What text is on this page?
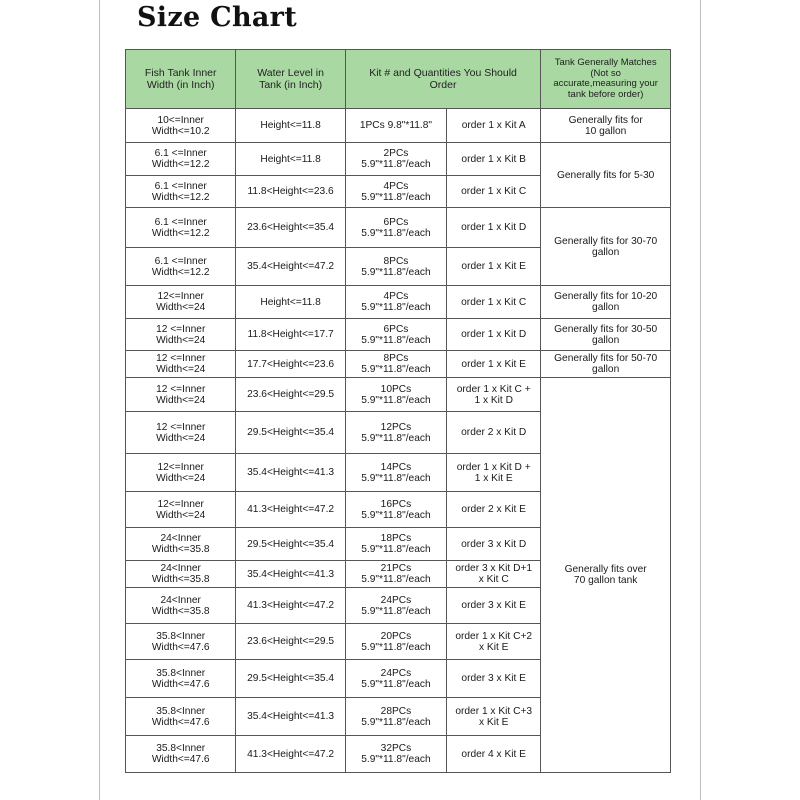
Size Chart
Fish Tank Inner
Width (in Inch)	Water Level in
Tank (in Inch)	Kit # and Quantities You Should
Order		Tank Generally Matches
(Not so
accurate,measuring your
tank before order)
10<=Inner
Width<=10.2	Height<=11.8	1PCs 9.8"*11.8"	order 1 x Kit A	Generally fits for
10 gallon
6.1 <=Inner
Width<=12.2	Height<=11.8	2PCs
5.9"*11.8"/each	order 1 x Kit B	Generally fits for 5-30
6.1 <=Inner
Width<=12.2	11.8<Height<=23.6	4PCs
5.9"*11.8"/each	order 1 x Kit C	
6.1 <=Inner
Width<=12.2	23.6<Height<=35.4	6PCs
5.9"*11.8"/each	order 1 x Kit D	Generally fits for 30-70
gallon
6.1 <=Inner
Width<=12.2	35.4<Height<=47.2	8PCs
5.9"*11.8"/each	order 1 x Kit E	
12<=Inner
Width<=24	Height<=11.8	4PCs
5.9"*11.8"/each	order 1 x Kit C	Generally fits for 10-20
gallon
12 <=Inner
Width<=24	11.8<Height<=17.7	6PCs
5.9"*11.8"/each	order 1 x Kit D	Generally fits for 30-50
gallon
12 <=Inner
Width<=24	17.7<Height<=23.6	8PCs
5.9"*11.8"/each	order 1 x Kit E	Generally fits for 50-70
gallon
12 <=Inner
Width<=24	23.6<Height<=29.5	10PCs
5.9"*11.8"/each	order 1 x Kit C +
1 x Kit D	Generally fits over
70 gallon tank
12 <=Inner
Width<=24	29.5<Height<=35.4	12PCs
5.9"*11.8"/each	order 2 x Kit D	
12<=Inner
Width<=24	35.4<Height<=41.3	14PCs
5.9"*11.8"/each	order 1 x Kit D +
1 x Kit E	
12<=Inner
Width<=24	41.3<Height<=47.2	16PCs
5.9"*11.8"/each	order 2 x Kit E	
24<Inner
Width<=35.8	29.5<Height<=35.4	18PCs
5.9"*11.8"/each	order 3 x Kit D	
24<Inner
Width<=35.8	35.4<Height<=41.3	21PCs
5.9"*11.8"/each	order 3 x Kit D+1
x Kit C	
24<Inner
Width<=35.8	41.3<Height<=47.2	24PCs
5.9"*11.8"/each	order 3 x Kit E	
35.8<Inner
Width<=47.6	23.6<Height<=29.5	20PCs
5.9"*11.8"/each	order 1 x Kit C+2
x Kit E	
35.8<Inner
Width<=47.6	29.5<Height<=35.4	24PCs
5.9"*11.8"/each	order 3 x Kit E	
35.8<Inner
Width<=47.6	35.4<Height<=41.3	28PCs
5.9"*11.8"/each	order 1 x Kit C+3
x Kit E	
35.8<Inner
Width<=47.6	41.3<Height<=47.2	32PCs
5.9"*11.8"/each	order 4 x Kit E	
